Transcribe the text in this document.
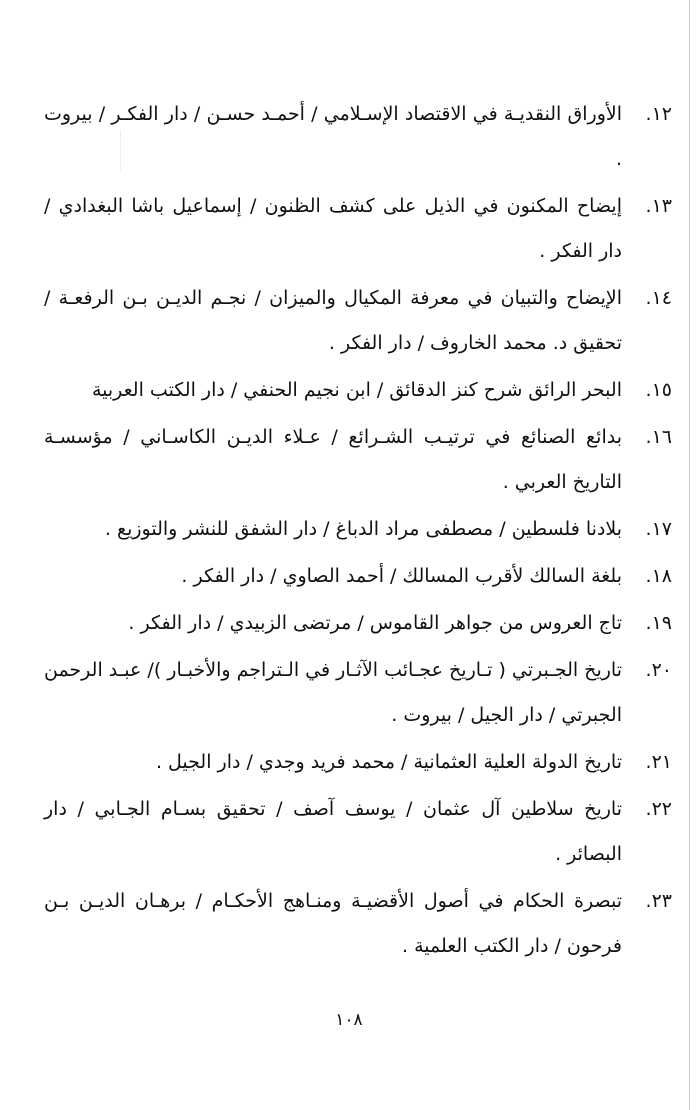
١٢.
الأوراق النقديـة في الاقتصاد الإسـلامي / أحمـد حسـن / دار الفكـر / بيروت .
١٣.
إيضاح المكنون في الذيل على كشف الظنون / إسماعيل باشا البغدادي / دار الفكر .
١٤.
الإيضاح والتبيان في معرفة المكيال والميزان / نجـم الديـن بـن الرفعـة / تحقيق د. محمد الخاروف / دار الفكر .
١٥.
البحر الرائق شرح كنز الدقائق / ابن نجيم الحنفي / دار الكتب العربية
١٦.
بدائع الصنائع في ترتيـب الشـرائع / عـلاء الديـن الكاسـاني / مؤسسـة التاريخ العربي .
١٧.
بلادنا فلسطين / مصطفى مراد الدباغ / دار الشفق للنشر والتوزيع .
١٨.
بلغة السالك لأقرب المسالك / أحمد الصاوي / دار الفكر .
١٩.
تاج العروس من جواهر القاموس / مرتضى الزبيدي / دار الفكر .
٢٠.
تاريخ الجـبرتي ( تـاريخ عجـائب الآثـار في الـتراجم والأخبـار )/ عبـد الرحمن الجبرتي / دار الجيل / بيروت .
٢١.
تاريخ الدولة العلية العثمانية / محمد فريد وجدي / دار الجيل .
٢٢.
تاريخ سلاطين آل عثمان / يوسف آصف / تحقيق بسـام الجـابي / دار البصائر .
٢٣.
تبصرة الحكام في أصول الأقضيـة ومنـاهج الأحكـام / برهـان الديـن بـن فرحون / دار الكتب العلمية .
١٠٨
